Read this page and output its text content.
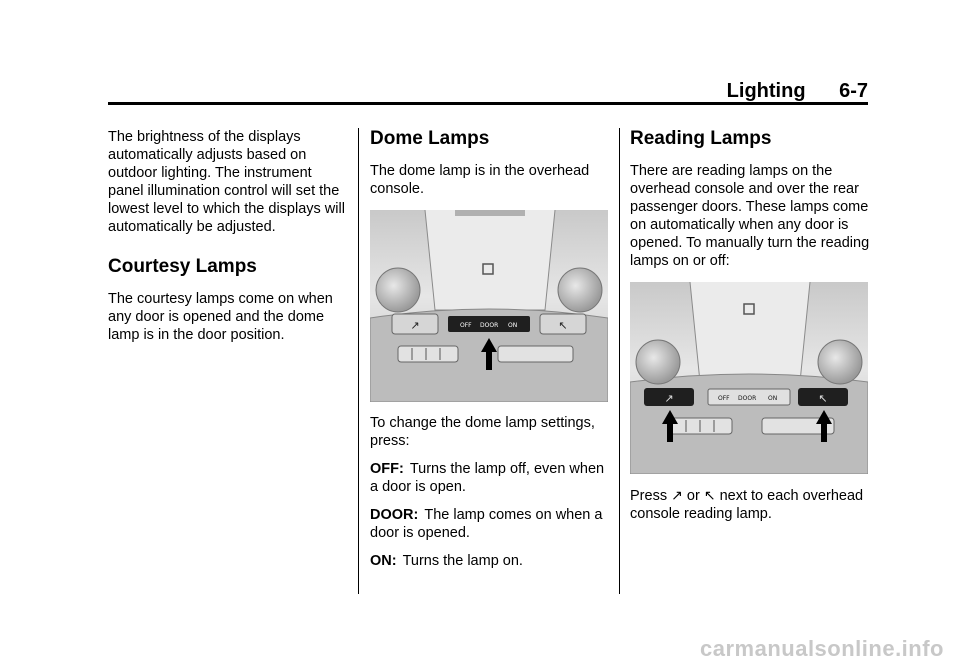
Lighting 6-7

The brightness of the displays automatically adjusts based on outdoor lighting. The instrument panel illumination control will set the lowest level to which the displays will automatically be adjusted.

Courtesy Lamps

The courtesy lamps come on when any door is opened and the dome lamp is in the door position.

Dome Lamps

The dome lamp is in the overhead console.

↗	↖
OFF DOOR ON

To change the dome lamp settings, press:

OFF: Turns the lamp off, even when a door is open.

DOOR: The lamp comes on when a door is opened.

ON: Turns the lamp on.

Reading Lamps

There are reading lamps on the overhead console and over the rear passenger doors. These lamps come on automatically when any door is opened. To manually turn the reading lamps on or off:

↗	↖
OFF DOOR ON

Press ↗ or ↖ next to each overhead console reading lamp.

carmanualsonline.info
